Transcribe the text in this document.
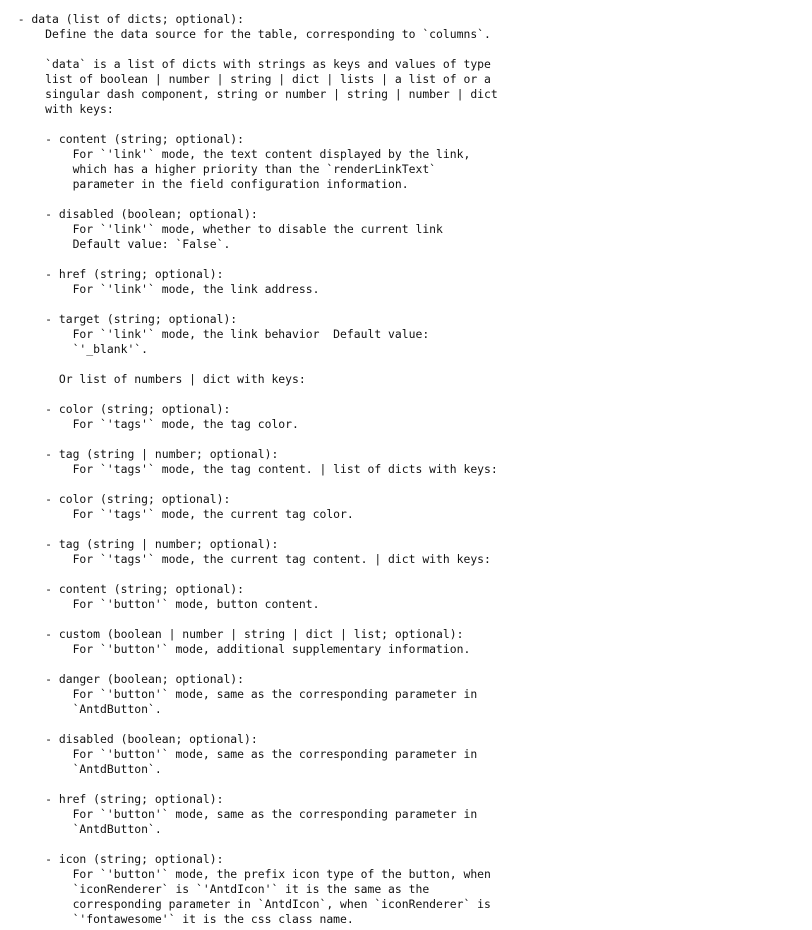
- data (list of dicts; optional):
Define the data source for the table, corresponding to `columns`.
`data` is a list of dicts with strings as keys and values of type
list of boolean | number | string | dict | lists | a list of or a
singular dash component, string or number | string | number | dict
with keys:
- content (string; optional):
For `'link'` mode, the text content displayed by the link,
which has a higher priority than the `renderLinkText`
parameter in the field configuration information.
- disabled (boolean; optional):
For `'link'` mode, whether to disable the current link
Default value: `False`.
- href (string; optional):
For `'link'` mode, the link address.
- target (string; optional):
For `'link'` mode, the link behavior  Default value:
`'_blank'`.
Or list of numbers | dict with keys:
- color (string; optional):
For `'tags'` mode, the tag color.
- tag (string | number; optional):
For `'tags'` mode, the tag content. | list of dicts with keys:
- color (string; optional):
For `'tags'` mode, the current tag color.
- tag (string | number; optional):
For `'tags'` mode, the current tag content. | dict with keys:
- content (string; optional):
For `'button'` mode, button content.
- custom (boolean | number | string | dict | list; optional):
For `'button'` mode, additional supplementary information.
- danger (boolean; optional):
For `'button'` mode, same as the corresponding parameter in
`AntdButton`.
- disabled (boolean; optional):
For `'button'` mode, same as the corresponding parameter in
`AntdButton`.
- href (string; optional):
For `'button'` mode, same as the corresponding parameter in
`AntdButton`.
- icon (string; optional):
For `'button'` mode, the prefix icon type of the button, when
`iconRenderer` is `'AntdIcon'` it is the same as the
corresponding parameter in `AntdIcon`, when `iconRenderer` is
`'fontawesome'` it is the css class name.
